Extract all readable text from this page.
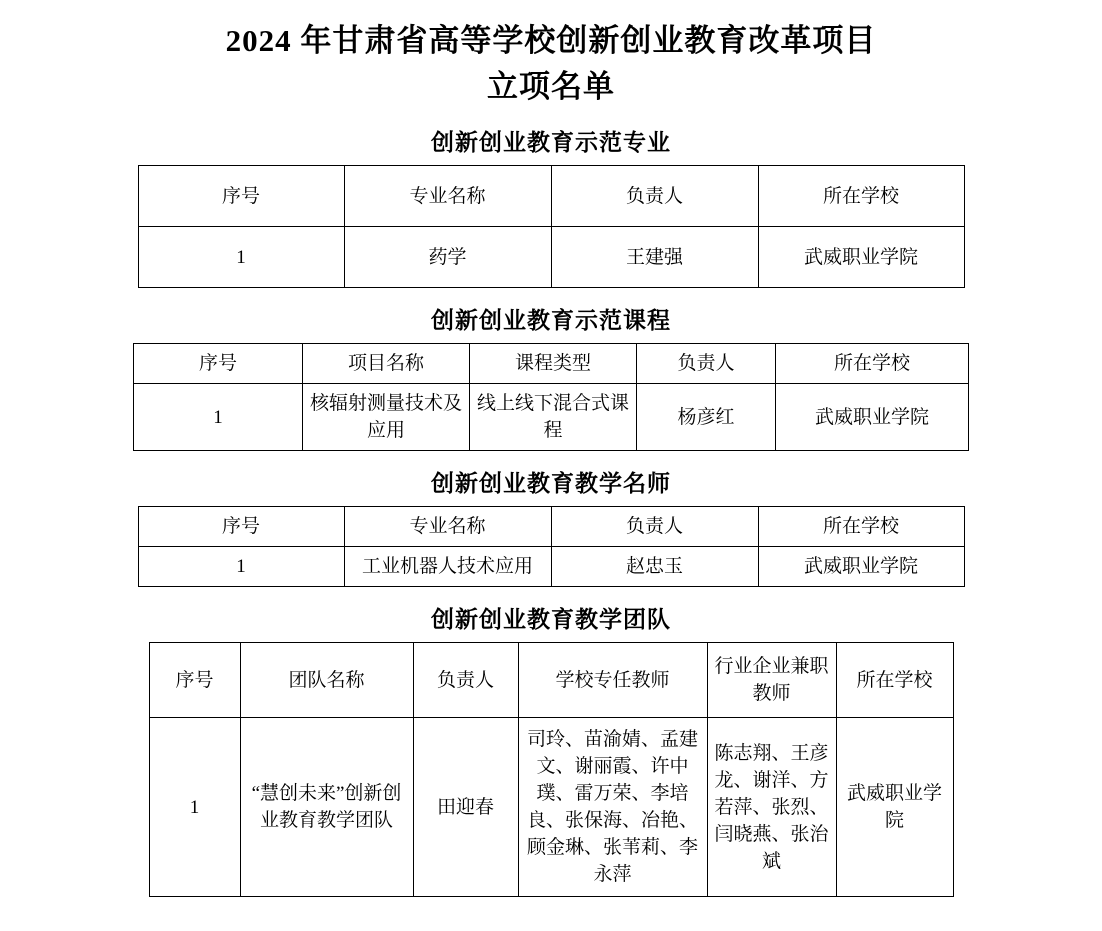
2024 年甘肃省高等学校创新创业教育改革项目
立项名单
创新创业教育示范专业
序号	专业名称	负责人	所在学校
1	药学	王建强	武威职业学院
创新创业教育示范课程
序号	项目名称	课程类型	负责人	所在学校
1	核辐射测量技术及应用	线上线下混合式课程	杨彦红	武威职业学院
创新创业教育教学名师
序号	专业名称	负责人	所在学校
1	工业机器人技术应用	赵忠玉	武威职业学院
创新创业教育教学团队
序号	团队名称	负责人	学校专任教师	行业企业兼职教师	所在学校
1	“慧创未来”创新创业教育教学团队	田迎春	司玲、苗渝婧、孟建文、谢丽霞、许中璞、雷万荣、李培良、张保海、冶艳、顾金琳、张苇莉、李永萍	陈志翔、王彦龙、谢洋、方若萍、张烈、闫晓燕、张治斌	武威职业学院
